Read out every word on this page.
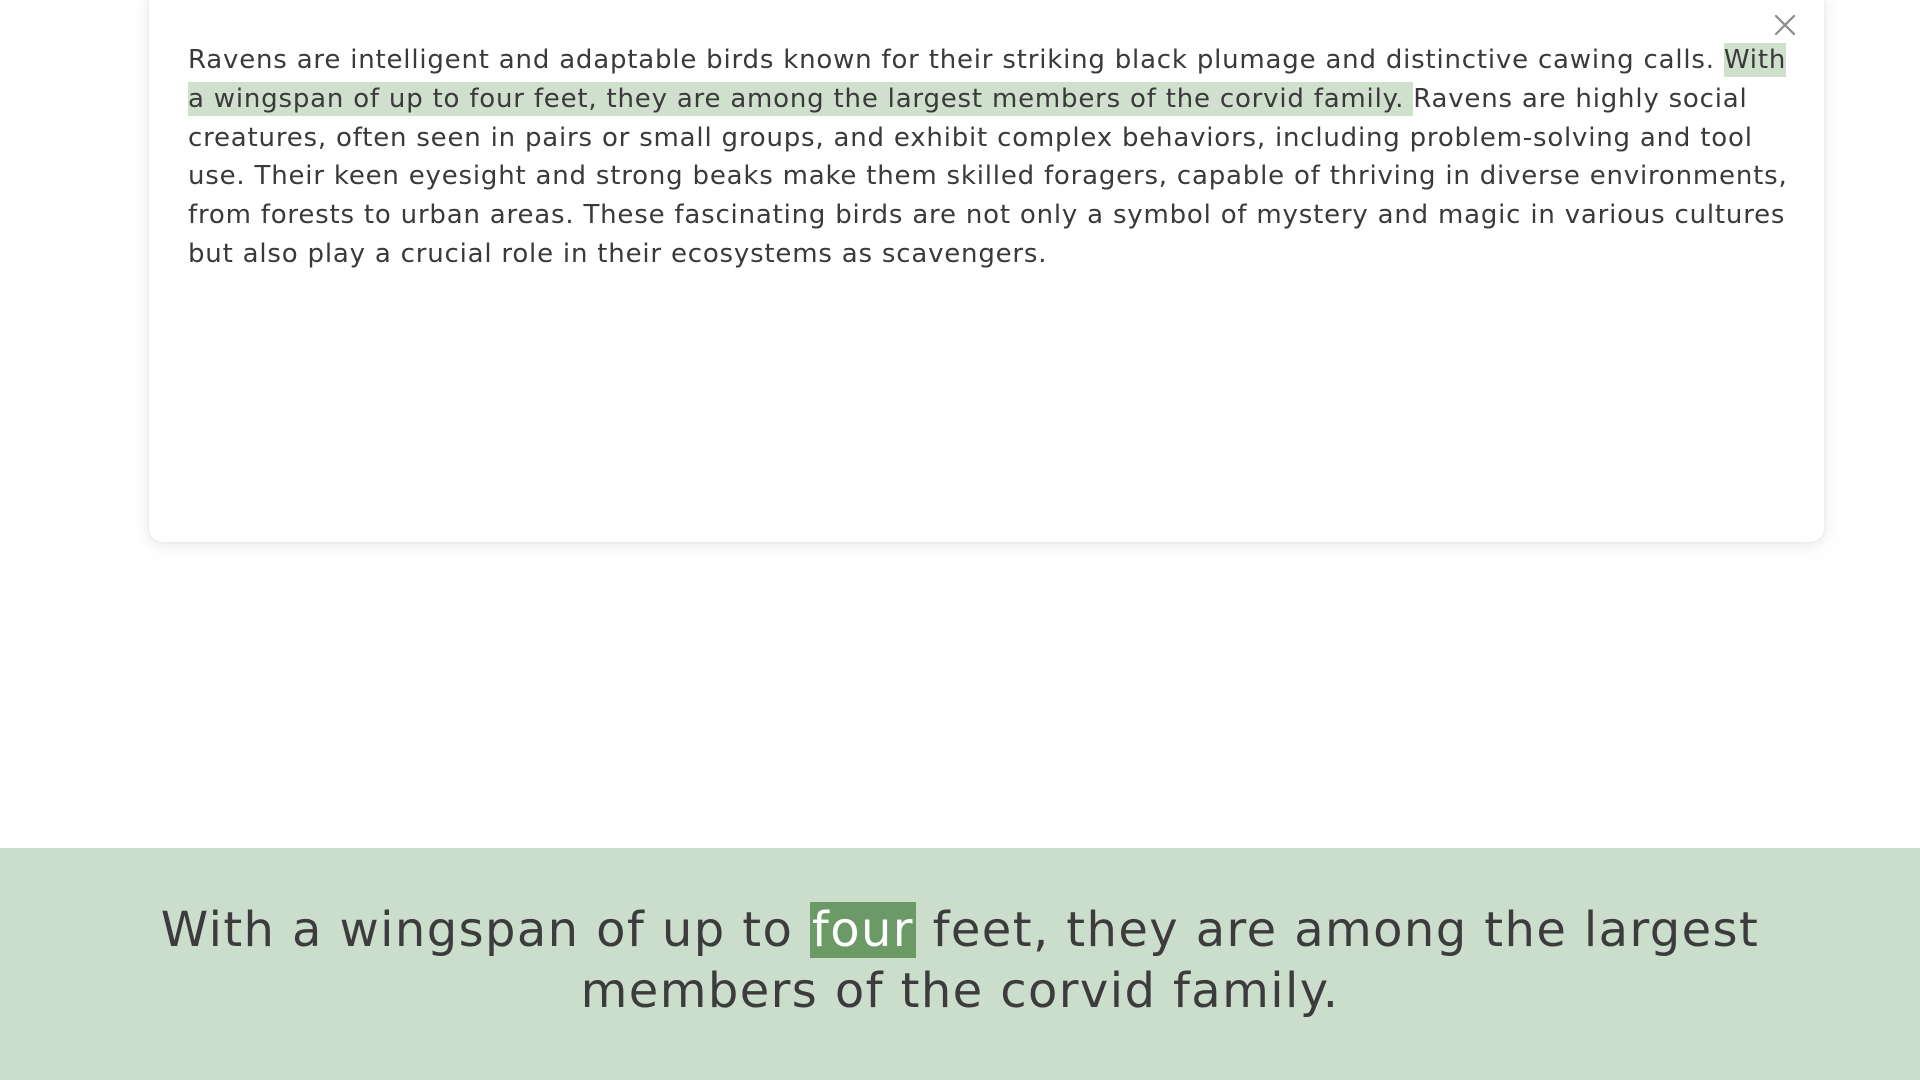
Ravens are intelligent and adaptable birds known for their striking black plumage and distinctive cawing calls. With a wingspan of up to four feet, they are among the largest members of the corvid family. Ravens are highly social creatures, often seen in pairs or small groups, and exhibit complex behaviors, including problem-solving and tool use. Their keen eyesight and strong beaks make them skilled foragers, capable of thriving in diverse environments, from forests to urban areas. These fascinating birds are not only a symbol of mystery and magic in various cultures but also play a crucial role in their ecosystems as scavengers.

With a wingspan of up to four feet, they are among the largest members of the corvid family.
